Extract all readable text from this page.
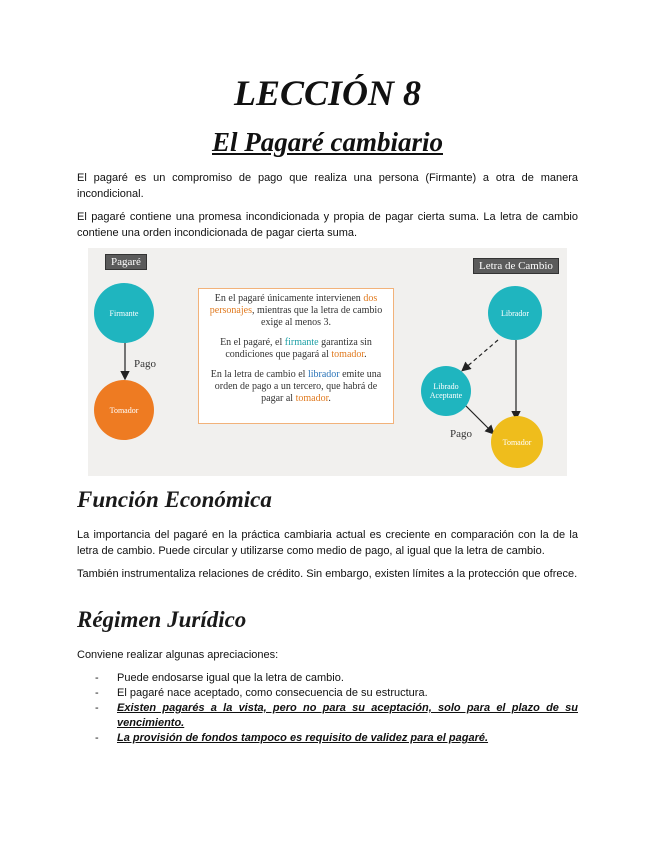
LECCIÓN 8
El Pagaré cambiario

El pagaré es un compromiso de pago que realiza una persona (Firmante) a otra de manera incondicional.

El pagaré contiene una promesa incondicionada y propia de pagar cierta suma. La letra de cambio contiene una orden incondicionada de pagar cierta suma.

Pagaré	Letra de Cambio
Firmante
Tomador
Pago

En el pagaré únicamente intervienen dos personajes, mientras que la letra de cambio exige al menos 3.

En el pagaré, el firmante garantiza sin condiciones que pagará al tomador.

En la letra de cambio el librador emite una orden de pago a un tercero, que habrá de pagar al tomador.

Librador
Librado Aceptante
Tomador
Pago
Función Económica

La importancia del pagaré en la práctica cambiaria actual es creciente en comparación con la de la letra de cambio. Puede circular y utilizarse como medio de pago, al igual que la letra de cambio.

También instrumentaliza relaciones de crédito. Sin embargo, existen límites a la protección que ofrece.

Régimen Jurídico

Conviene realizar algunas apreciaciones:

- Puede endosarse igual que la letra de cambio.
- El pagaré nace aceptado, como consecuencia de su estructura.
- Existen pagarés a la vista, pero no para su aceptación, solo para el plazo de su vencimiento.
- La provisión de fondos tampoco es requisito de validez para el pagaré.
